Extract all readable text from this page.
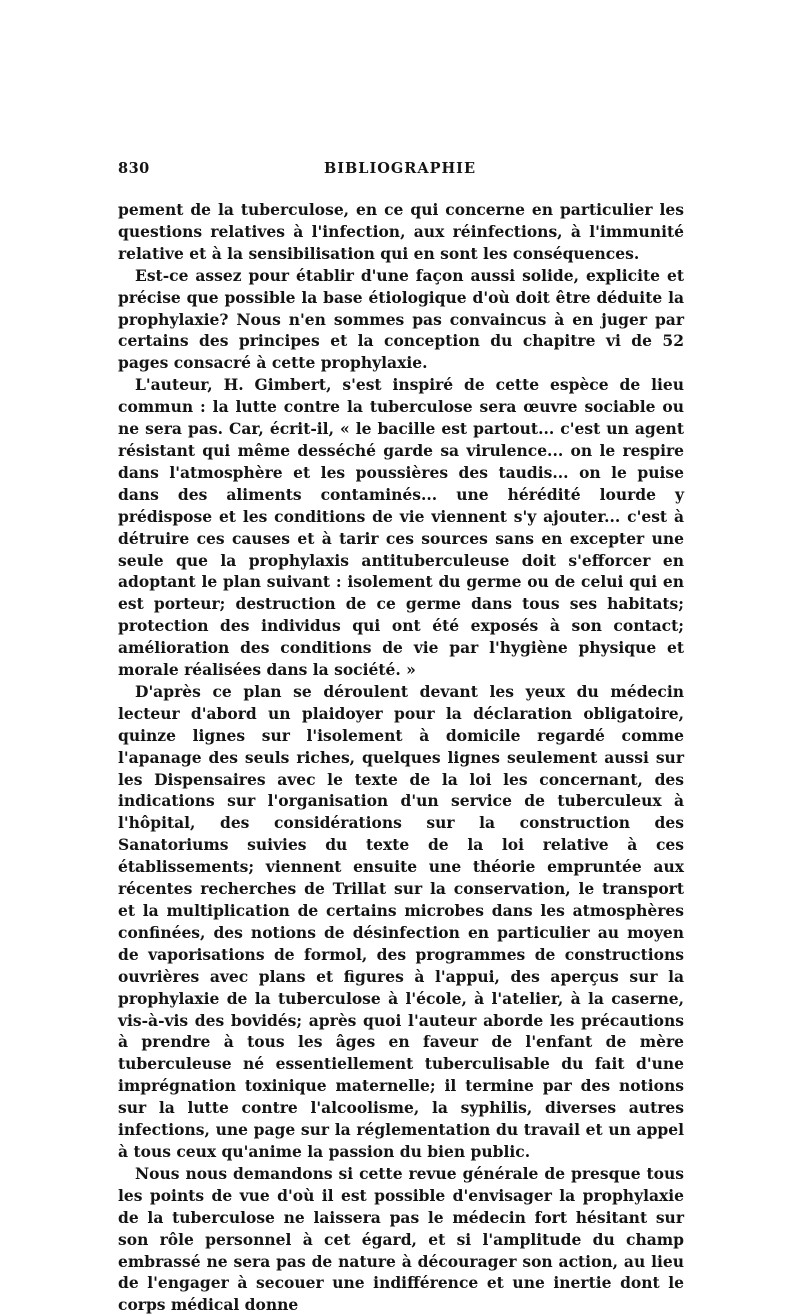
830	BIBLIOGRAPHIE

pement de la tuberculose, en ce qui concerne en particulier les questions relatives à l'infection, aux réinfections, à l'immunité relative et à la sensibilisation qui en sont les conséquences.

Est-ce assez pour établir d'une façon aussi solide, explicite et précise que possible la base étiologique d'où doit être déduite la prophylaxie? Nous n'en sommes pas convaincus à en juger par certains des principes et la conception du chapitre vi de 52 pages consacré à cette prophylaxie.

L'auteur, H. Gimbert, s'est inspiré de cette espèce de lieu commun : la lutte contre la tuberculose sera œuvre sociable ou ne sera pas. Car, écrit-il, « le bacille est partout... c'est un agent résistant qui même desséché garde sa virulence... on le respire dans l'atmosphère et les poussières des taudis... on le puise dans des aliments contaminés... une hérédité lourde y prédispose et les conditions de vie viennent s'y ajouter... c'est à détruire ces causes et à tarir ces sources sans en excepter une seule que la prophylaxis antituberculeuse doit s'efforcer en adoptant le plan suivant : isolement du germe ou de celui qui en est porteur; destruction de ce germe dans tous ses habitats; protection des individus qui ont été exposés à son contact; amélioration des conditions de vie par l'hygiène physique et morale réalisées dans la société. »

D'après ce plan se déroulent devant les yeux du médecin lecteur d'abord un plaidoyer pour la déclaration obligatoire, quinze lignes sur l'isolement à domicile regardé comme l'apanage des seuls riches, quelques lignes seulement aussi sur les Dispensaires avec le texte de la loi les concernant, des indications sur l'organisation d'un service de tuberculeux à l'hôpital, des considérations sur la construction des Sanatoriums suivies du texte de la loi relative à ces établissements; viennent ensuite une théorie empruntée aux récentes recherches de Trillat sur la conservation, le transport et la multiplication de certains microbes dans les atmosphères confinées, des notions de désinfection en particulier au moyen de vaporisations de formol, des programmes de constructions ouvrières avec plans et figures à l'appui, des aperçus sur la prophylaxie de la tuberculose à l'école, à l'atelier, à la caserne, vis-à-vis des bovidés; après quoi l'auteur aborde les précautions à prendre à tous les âges en faveur de l'enfant de mère tuberculeuse né essentiellement tuberculisable du fait d'une imprégnation toxinique maternelle; il termine par des notions sur la lutte contre l'alcoolisme, la syphilis, diverses autres infections, une page sur la réglementation du travail et un appel à tous ceux qu'anime la passion du bien public.

Nous nous demandons si cette revue générale de presque tous les points de vue d'où il est possible d'envisager la prophylaxie de la tuberculose ne laissera pas le médecin fort hésitant sur son rôle personnel à cet égard, et si l'amplitude du champ embrassé ne sera pas de nature à décourager son action, au lieu de l'engager à secouer une indifférence et une inertie dont le corps médical donne
